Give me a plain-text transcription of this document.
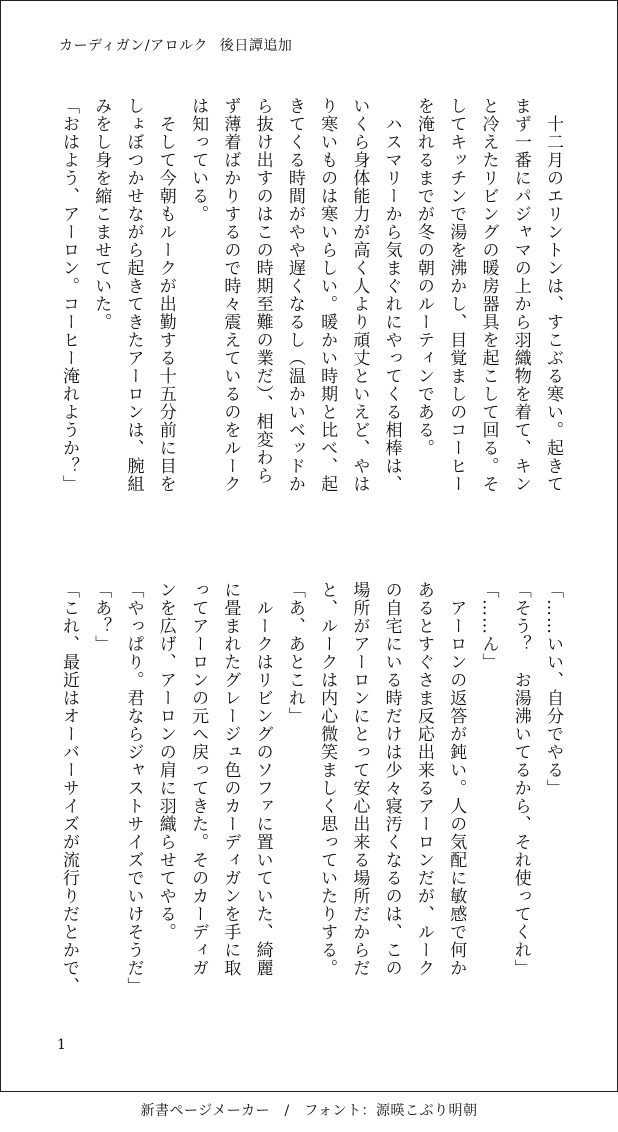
カーディガン/アロルク 後日譚追加
　十二月のエリントンは、すこぶる寒い。起きて
まず一番にパジャマの上から羽織物を着て、キン
と冷えたリビングの暖房器具を起こして回る。そ
してキッチンで湯を沸かし、目覚ましのコーヒー
を淹れるまでが冬の朝のルーティンである。
　ハスマリーから気まぐれにやってくる相棒は、
いくら身体能力が高く人より頑丈といえど、やは
り寒いものは寒いらしい。暖かい時期と比べ、起
きてくる時間がやや遅くなるし（温かいベッドか
ら抜け出すのはこの時期至難の業だ）、相変わら
ず薄着ばかりするので時々震えているのをルーク
は知っている。
　そして今朝もルークが出勤する十五分前に目を
しょぼつかせながら起きてきたアーロンは、腕組
みをし身を縮こませていた。
「おはよう、アーロン。コーヒー淹れようか？」
「……いい、自分でやる」
「そう？　お湯沸いてるから、それ使ってくれ」
「……ん」
　アーロンの返答が鈍い。人の気配に敏感で何か
あるとすぐさま反応出来るアーロンだが、ルーク
の自宅にいる時だけは少々寝汚くなるのは、この
場所がアーロンにとって安心出来る場所だからだ
と、ルークは内心微笑ましく思っていたりする。
「あ、あとこれ」
　ルークはリビングのソファに置いていた、綺麗
に畳まれたグレージュ色のカーディガンを手に取
ってアーロンの元へ戻ってきた。そのカーディガ
ンを広げ、アーロンの肩に羽織らせてやる。
「やっぱり。君ならジャストサイズでいけそうだ」
「あ？」
「これ、最近はオーバーサイズが流行りだとかで、
1
新書ページメーカー　/　フォント：源暎こぶり明朝
